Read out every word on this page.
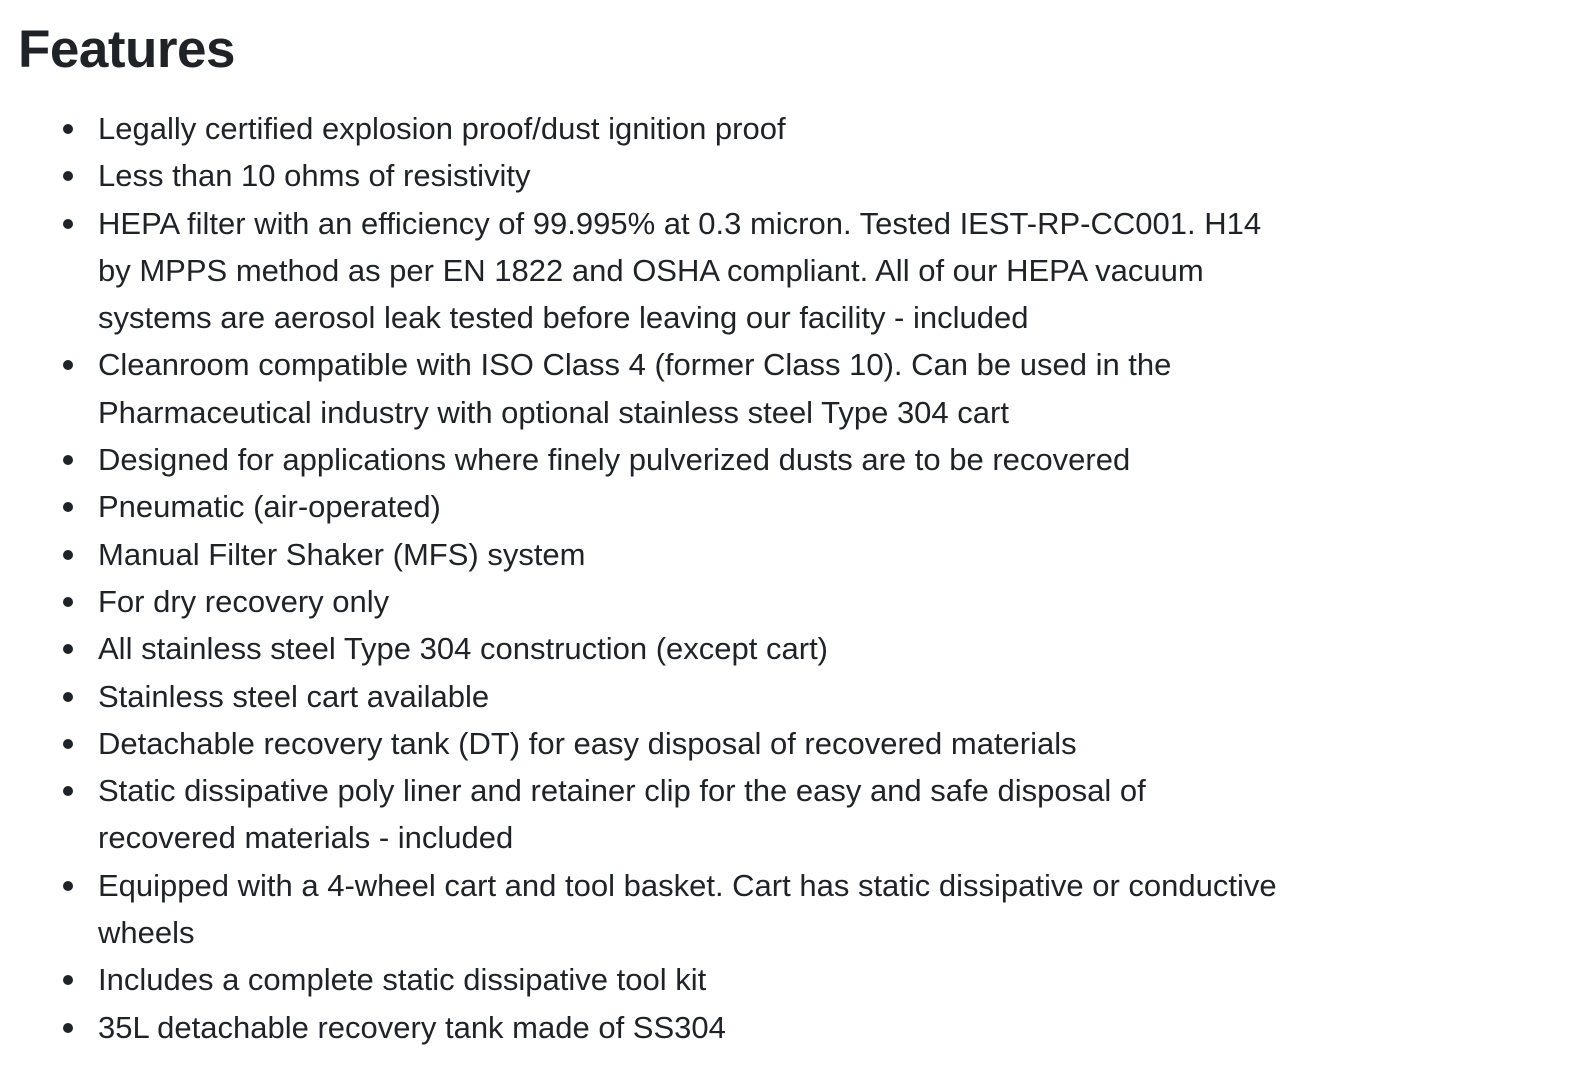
Features
Legally certified explosion proof/dust ignition proof
Less than 10 ohms of resistivity
HEPA filter with an efficiency of 99.995% at 0.3 micron. Tested IEST-RP-CC001. H14 by MPPS method as per EN 1822 and OSHA compliant. All of our HEPA vacuum systems are aerosol leak tested before leaving our facility - included
Cleanroom compatible with ISO Class 4 (former Class 10). Can be used in the Pharmaceutical industry with optional stainless steel Type 304 cart
Designed for applications where finely pulverized dusts are to be recovered
Pneumatic (air-operated)
Manual Filter Shaker (MFS) system
For dry recovery only
All stainless steel Type 304 construction (except cart)
Stainless steel cart available
Detachable recovery tank (DT) for easy disposal of recovered materials
Static dissipative poly liner and retainer clip for the easy and safe disposal of recovered materials - included
Equipped with a 4-wheel cart and tool basket. Cart has static dissipative or conductive wheels
Includes a complete static dissipative tool kit
35L detachable recovery tank made of SS304
